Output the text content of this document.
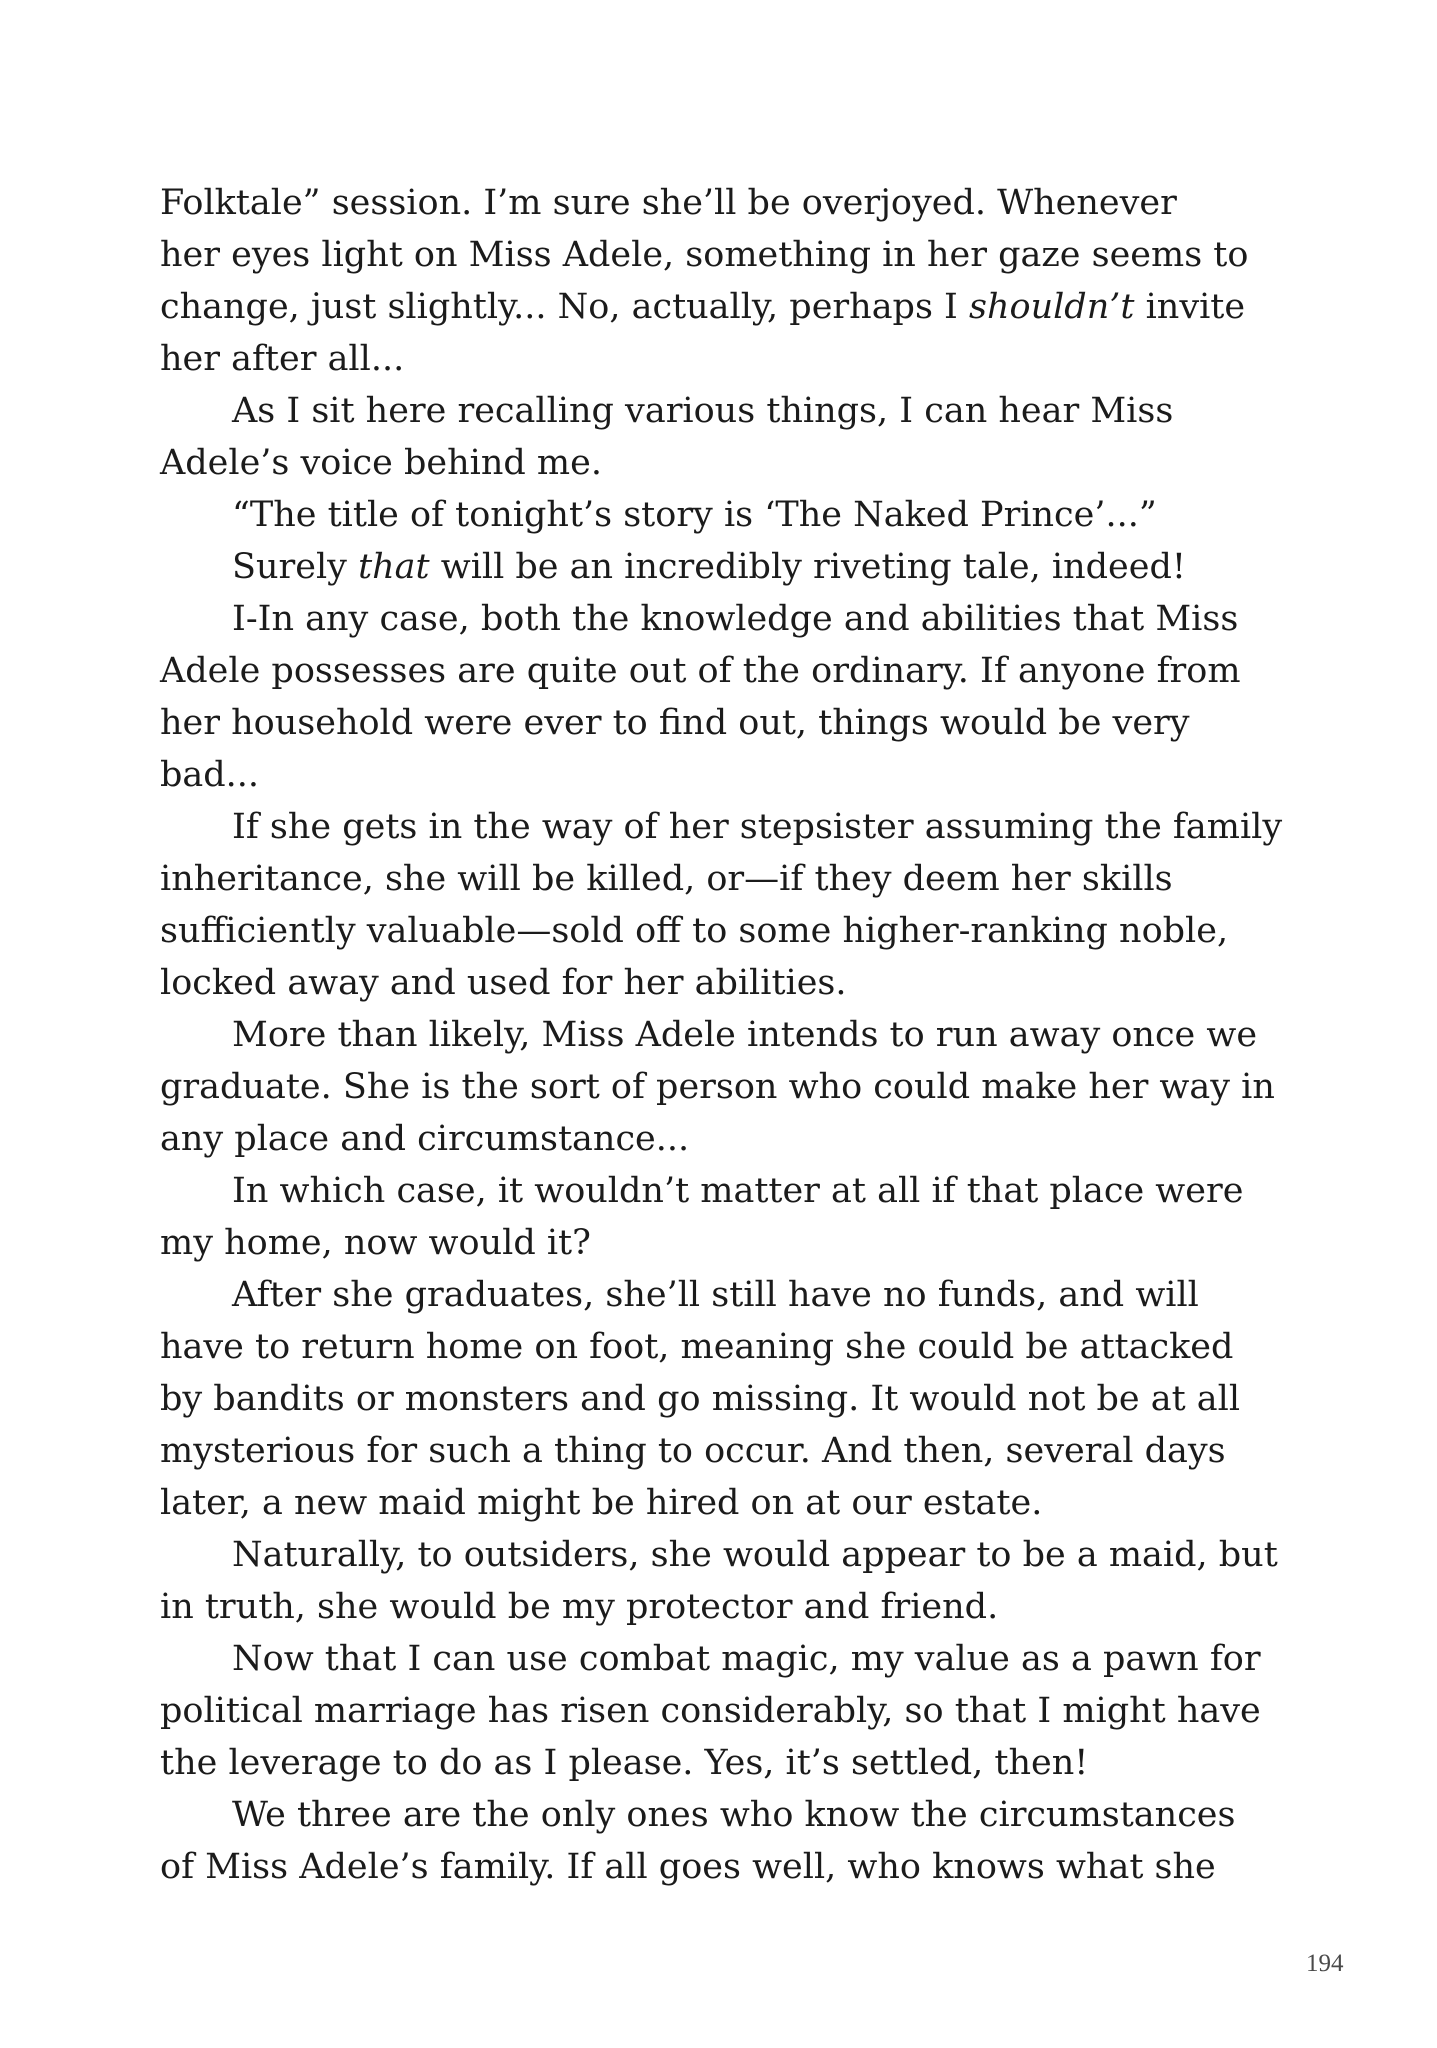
Folktale” session. I’m sure she’ll be overjoyed. Whenever
her eyes light on Miss Adele, something in her gaze seems to
change, just slightly... No, actually, perhaps I shouldn’t invite
her after all...
As I sit here recalling various things, I can hear Miss
Adele’s voice behind me.
“The title of tonight’s story is ‘The Naked Prince’...”
Surely that will be an incredibly riveting tale, indeed!
I-In any case, both the knowledge and abilities that Miss
Adele possesses are quite out of the ordinary. If anyone from
her household were ever to find out, things would be very
bad...
If she gets in the way of her stepsister assuming the family
inheritance, she will be killed, or—if they deem her skills
sufficiently valuable—sold off to some higher-ranking noble,
locked away and used for her abilities.
More than likely, Miss Adele intends to run away once we
graduate. She is the sort of person who could make her way in
any place and circumstance...
In which case, it wouldn’t matter at all if that place were
my home, now would it?
After she graduates, she’ll still have no funds, and will
have to return home on foot, meaning she could be attacked
by bandits or monsters and go missing. It would not be at all
mysterious for such a thing to occur. And then, several days
later, a new maid might be hired on at our estate.
Naturally, to outsiders, she would appear to be a maid, but
in truth, she would be my protector and friend.
Now that I can use combat magic, my value as a pawn for
political marriage has risen considerably, so that I might have
the leverage to do as I please. Yes, it’s settled, then!
We three are the only ones who know the circumstances
of Miss Adele’s family. If all goes well, who knows what she
194
